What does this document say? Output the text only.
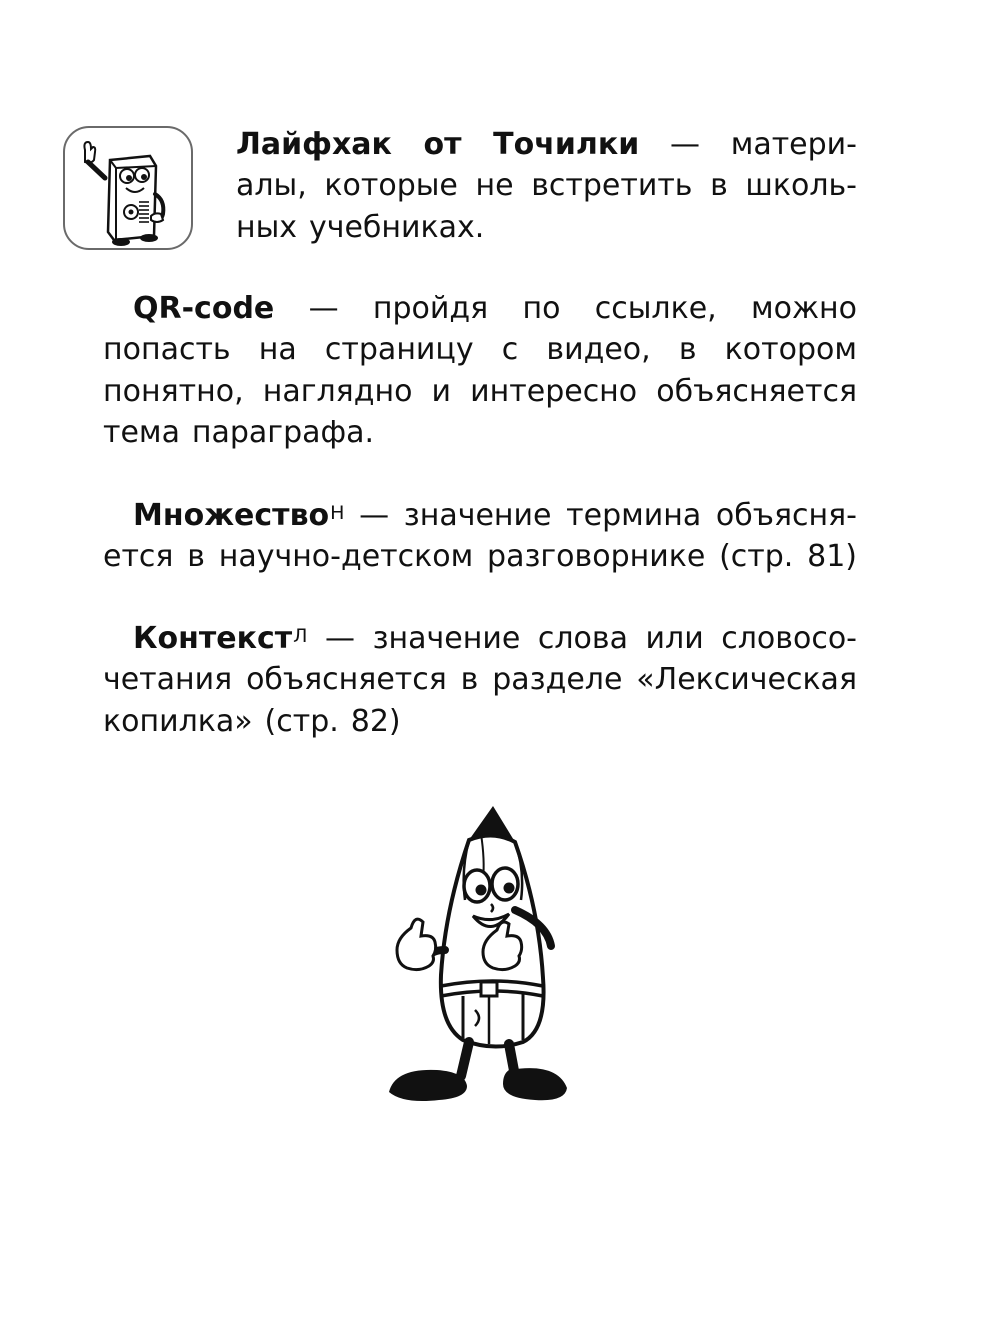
Лайфхак от Точилки — матери-
алы, которые не встретить в школь-
ных учебниках.
QR-code — пройдя по ссылке, можно
попасть на страницу с видео, в котором
понятно, наглядно и интересно объясняется
тема параграфа.
Множество$^Н$ — значение термина объясня-
ется в научно-детском разговорнике (стр. 81)
Контекст$^Л$ — значение слова или словосо-
четания объясняется в разделе «Лексическая
копилка» (стр. 82)
